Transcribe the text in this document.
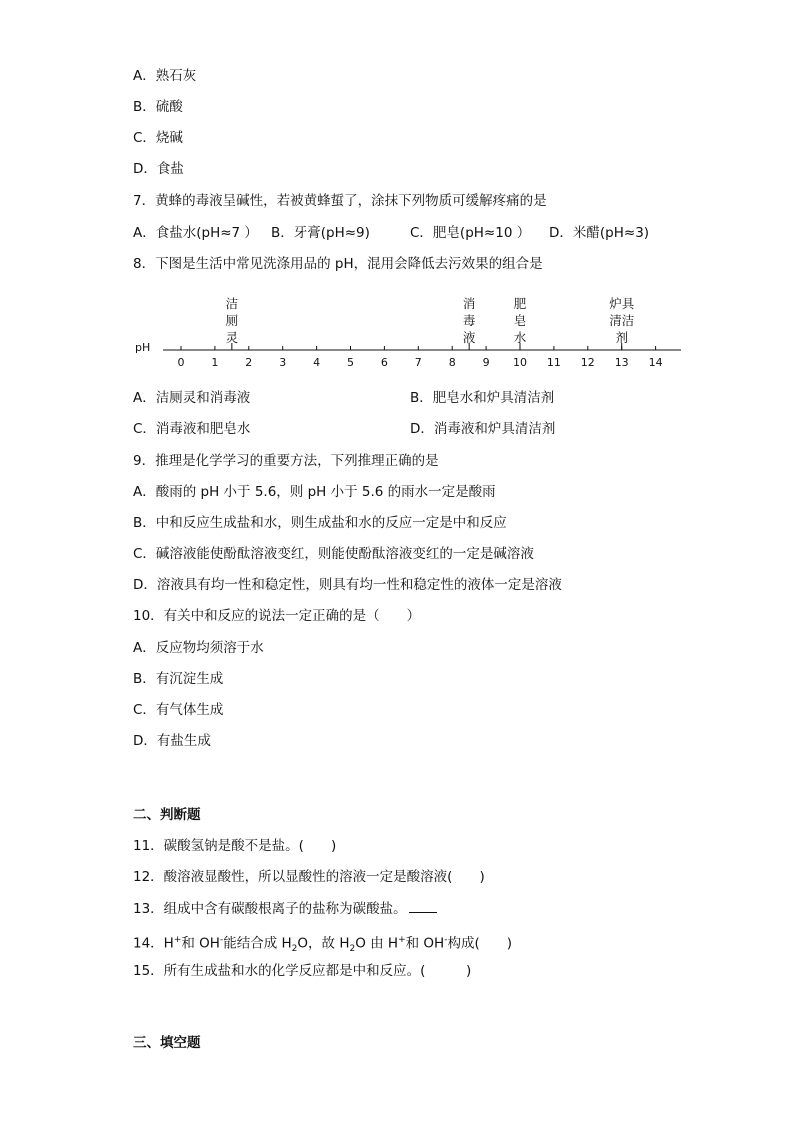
A．熟石灰
B．硫酸
C．烧碱
D．食盐
7．黄蜂的毒液呈碱性，若被黄蜂蜇了，涂抹下列物质可缓解疼痛的是
A．食盐水(pH≈7 ） B．牙膏(pH≈9)	C．肥皂(pH≈10 ） D．米醋(pH≈3)
8．下图是生活中常见洗涤用品的 pH，混用会降低去污效果的组合是
pH
0 1 2 3 4 5 6 7 8 9 10 11 12 13 14
洁
厕
灵
消
毒
液
肥
皂
水
炉具
清洁
剂
A．洁厕灵和消毒液	B．肥皂水和炉具清洁剂
C．消毒液和肥皂水	D．消毒液和炉具清洁剂
9．推理是化学学习的重要方法，下列推理正确的是
A．酸雨的 pH 小于 5.6，则 pH 小于 5.6 的雨水一定是酸雨
B．中和反应生成盐和水，则生成盐和水的反应一定是中和反应
C．碱溶液能使酚酞溶液变红，则能使酚酞溶液变红的一定是碱溶液
D．溶液具有均一性和稳定性，则具有均一性和稳定性的液体一定是溶液
10．有关中和反应的说法一定正确的是（　　）
A．反应物均须溶于水
B．有沉淀生成
C．有气体生成
D．有盐生成
二、判断题
11．碳酸氢钠是酸不是盐。(　　)
12．酸溶液显酸性，所以显酸性的溶液一定是酸溶液(　　)
13．组成中含有碳酸根离子的盐称为碳酸盐。
14．H+和 OH-能结合成 $H_2O$，故 $H_2O$ 由 H+和 OH-构成(　　)
15．所有生成盐和水的化学反应都是中和反应。(　　　)
三、填空题
